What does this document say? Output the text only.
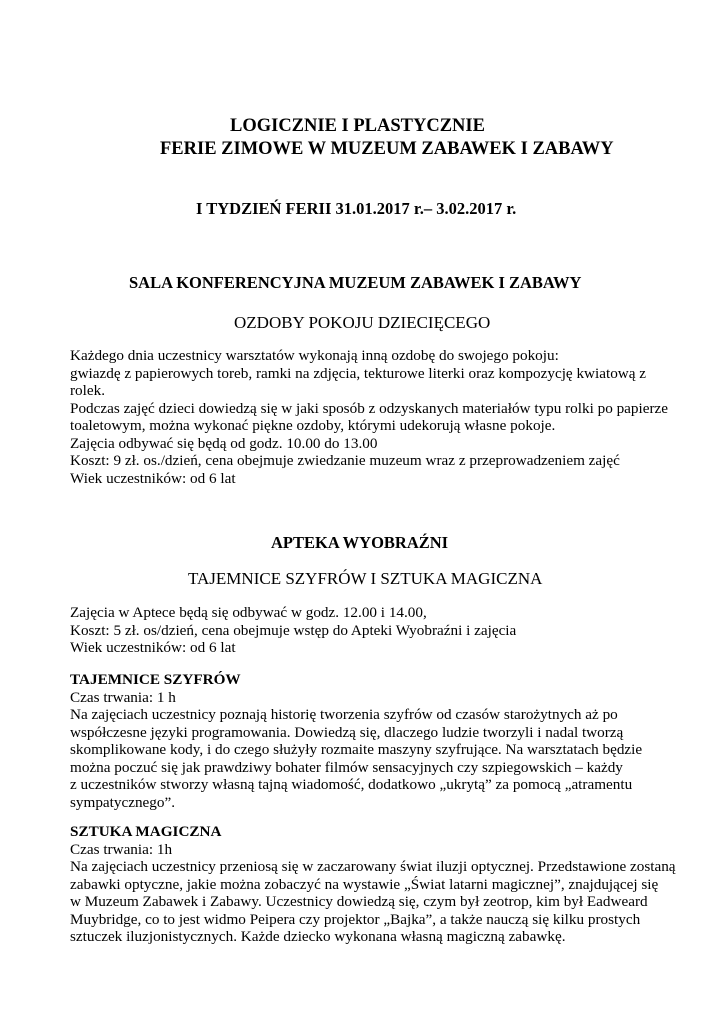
LOGICZNIE I PLASTYCZNIE
FERIE ZIMOWE W MUZEUM ZABAWEK I ZABAWY
I TYDZIEŃ FERII 31.01.2017 r.– 3.02.2017 r.
SALA KONFERENCYJNA MUZEUM ZABAWEK I ZABAWY
OZDOBY POKOJU DZIECIĘCEGO
Każdego dnia uczestnicy warsztatów wykonają inną ozdobę do swojego pokoju:
gwiazdę z papierowych toreb, ramki na zdjęcia, tekturowe literki oraz kompozycję kwiatową z
rolek.
Podczas zajęć dzieci dowiedzą się w jaki sposób z odzyskanych materiałów typu rolki po papierze
toaletowym, można wykonać piękne ozdoby, którymi udekorują własne pokoje.
Zajęcia odbywać się będą od godz. 10.00 do 13.00
Koszt: 9 zł. os./dzień, cena obejmuje zwiedzanie muzeum wraz z przeprowadzeniem zajęć
Wiek uczestników: od 6 lat
APTEKA WYOBRAŹNI
TAJEMNICE SZYFRÓW I SZTUKA MAGICZNA
Zajęcia w Aptece będą się odbywać w godz. 12.00 i 14.00,
Koszt: 5 zł. os/dzień, cena obejmuje wstęp do Apteki Wyobraźni i zajęcia
Wiek uczestników: od 6 lat
TAJEMNICE SZYFRÓW
Czas trwania: 1 h
Na zajęciach uczestnicy poznają historię tworzenia szyfrów od czasów starożytnych aż po
współczesne języki programowania. Dowiedzą się, dlaczego ludzie tworzyli i nadal tworzą
skomplikowane kody, i do czego służyły rozmaite maszyny szyfrujące. Na warsztatach będzie
można poczuć się jak prawdziwy bohater filmów sensacyjnych czy szpiegowskich – każdy
z uczestników stworzy własną tajną wiadomość, dodatkowo „ukrytą” za pomocą „atramentu
sympatycznego”.
SZTUKA MAGICZNA
Czas trwania: 1h
Na zajęciach uczestnicy przeniosą się w zaczarowany świat iluzji optycznej. Przedstawione zostaną
zabawki optyczne, jakie można zobaczyć na wystawie „Świat latarni magicznej”, znajdującej się
w Muzeum Zabawek i Zabawy. Uczestnicy dowiedzą się, czym był zeotrop, kim był Eadweard
Muybridge, co to jest widmo Peipera czy projektor „Bajka”, a także nauczą się kilku prostych
sztuczek iluzjonistycznych. Każde dziecko wykonana własną magiczną zabawkę.
